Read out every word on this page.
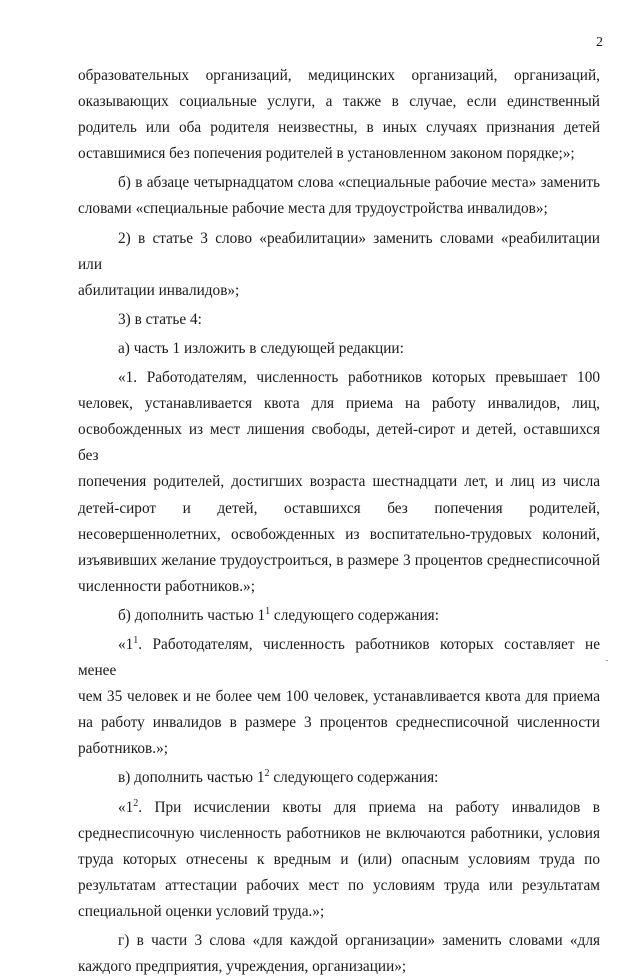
2
образовательных организаций, медицинских организаций, организаций,
оказывающих социальные услуги, а также в случае, если единственный
родитель или оба родителя неизвестны, в иных случаях признания детей
оставшимися без попечения родителей в установленном законом порядке;»;
б) в абзаце четырнадцатом слова «специальные рабочие места» заменить
словами «специальные рабочие места для трудоустройства инвалидов»;
2) в статье 3 слово «реабилитации» заменить словами «реабилитации или
абилитации инвалидов»;
3) в статье 4:
а) часть 1 изложить в следующей редакции:
«1. Работодателям, численность работников которых превышает 100
человек, устанавливается квота для приема на работу инвалидов, лиц,
освобожденных из мест лишения свободы, детей-сирот и детей, оставшихся без
попечения родителей, достигших возраста шестнадцати лет, и лиц из числа
детей-сирот и детей, оставшихся без попечения родителей,
несовершеннолетних, освобожденных из воспитательно-трудовых колоний,
изъявивших желание трудоустроиться, в размере 3 процентов среднесписочной
численности работников.»;
б) дополнить частью $1^1$ следующего содержания:
«$1^1$. Работодателям, численность работников которых составляет не менее
чем 35 человек и не более чем 100 человек, устанавливается квота для приема
на работу инвалидов в размере 3 процентов среднесписочной численности
работников.»;
в) дополнить частью $1^2$ следующего содержания:
«$1^2$. При исчислении квоты для приема на работу инвалидов в
среднесписочную численность работников не включаются работники, условия
труда которых отнесены к вредным и (или) опасным условиям труда по
результатам аттестации рабочих мест по условиям труда или результатам
специальной оценки условий труда.»;
г) в части 3 слова «для каждой организации» заменить словами «для
каждого предприятия, учреждения, организации»;
